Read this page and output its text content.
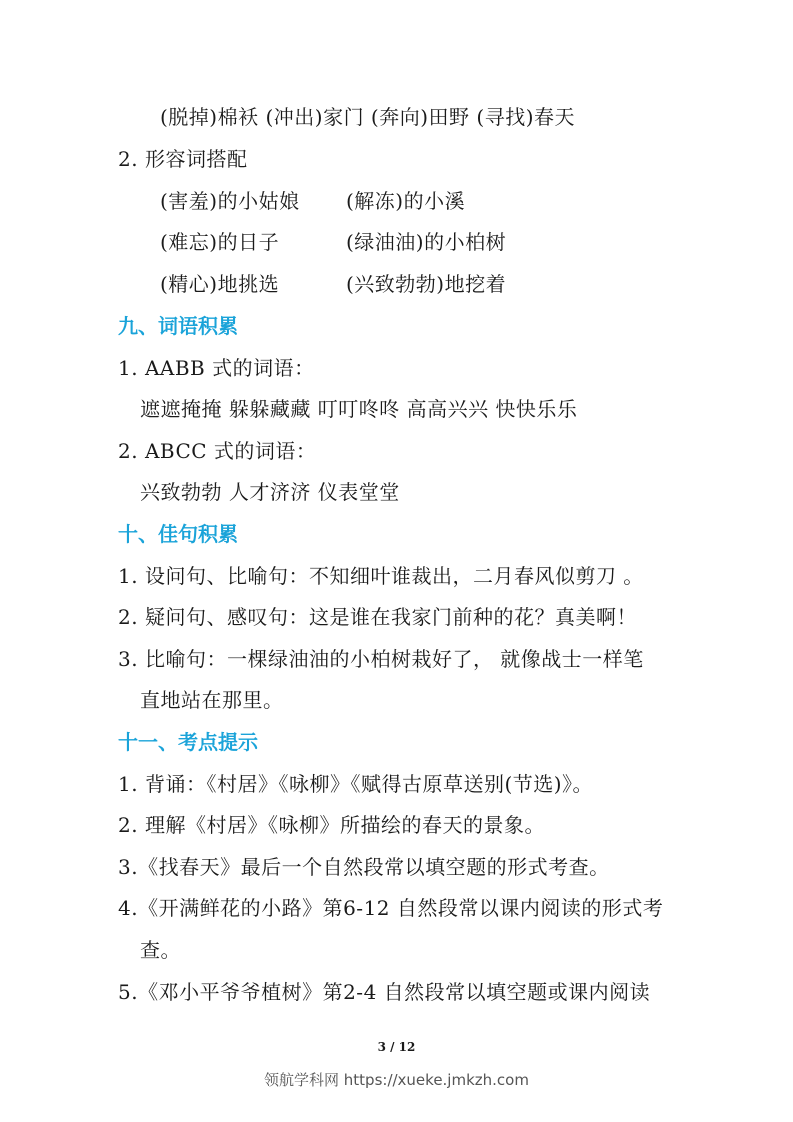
(脱掉)棉袄 (冲出)家门 (奔向)田野 (寻找)春天
2. 形容词搭配
(害羞)的小姑娘 (解冻)的小溪
(难忘)的日子	(绿油油)的小柏树
(精心)地挑选	(兴致勃勃)地挖着
九、词语积累
1. AABB 式的词语：
遮遮掩掩 躲躲藏藏 叮叮咚咚 高高兴兴 快快乐乐
2. ABCC 式的词语：
兴致勃勃 人才济济 仪表堂堂
十、佳句积累
1. 设问句、比喻句：不知细叶谁裁出，二月春风似剪刀 。
2. 疑问句、感叹句：这是谁在我家门前种的花？真美啊！
3. 比喻句：一棵绿油油的小柏树栽好了， 就像战士一样笔
直地站在那里。
十一、考点提示
1. 背诵：《村居》《咏柳》《赋得古原草送别(节选)》。
2. 理解《村居》《咏柳》所描绘的春天的景象。
3.《找春天》最后一个自然段常以填空题的形式考查。
4.《开满鲜花的小路》第6-12 自然段常以课内阅读的形式考
查。
5.《邓小平爷爷植树》第2-4 自然段常以填空题或课内阅读
3 / 12
领航学科网 https://xueke.jmkzh.com
